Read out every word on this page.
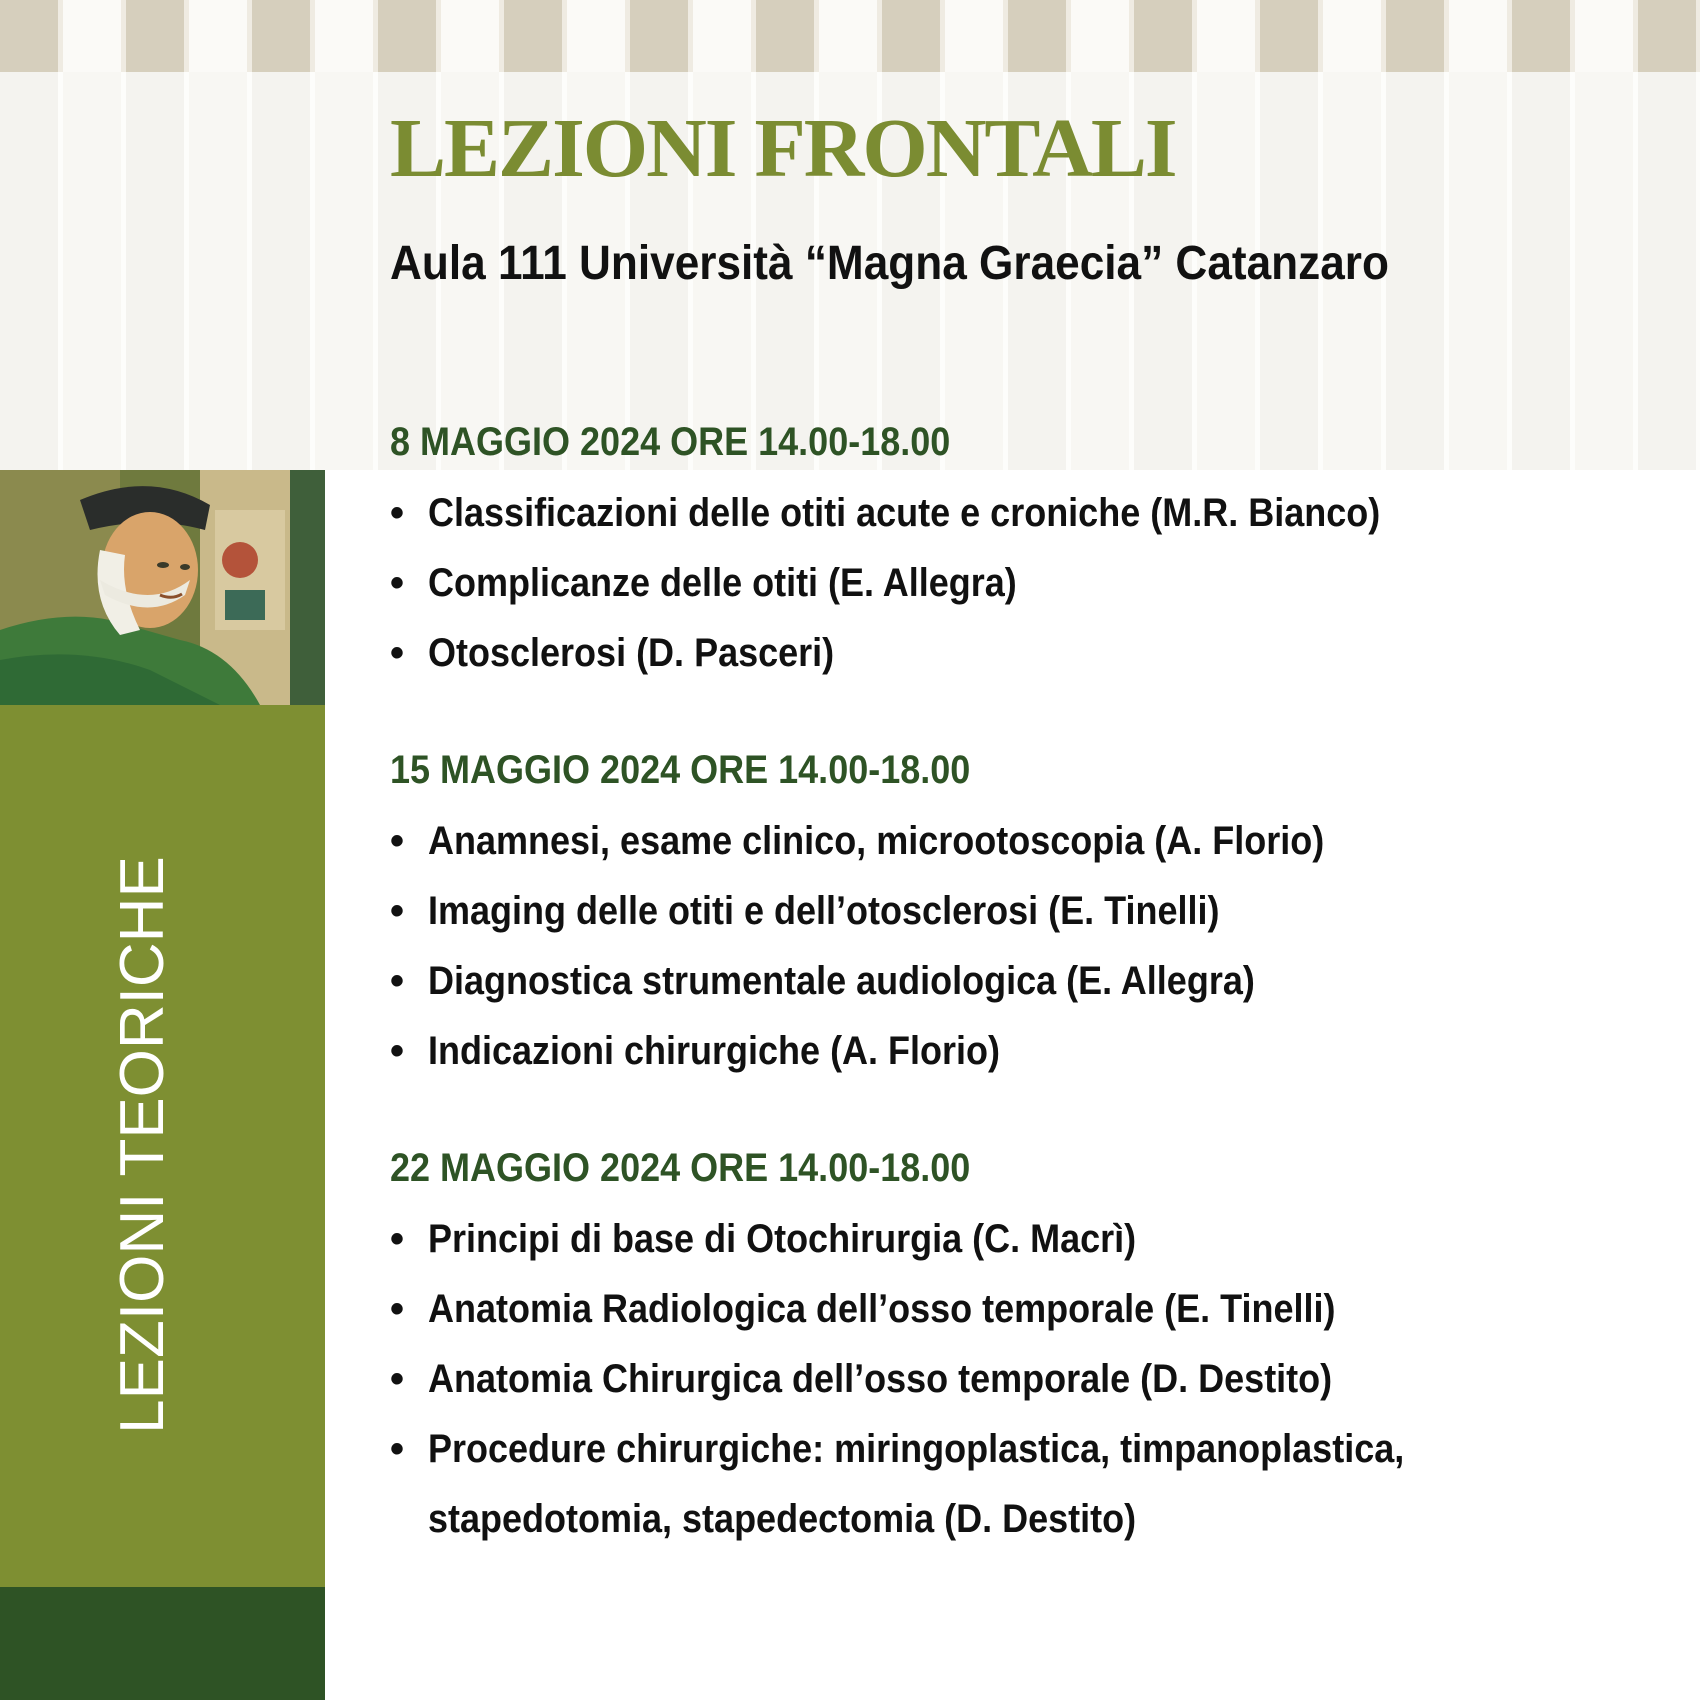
LEZIONI FRONTALI
Aula 111 Università “Magna Graecia” Catanzaro
LEZIONI TEORICHE
8 MAGGIO 2024 ORE 14.00-18.00
• Classificazioni delle otiti acute e croniche (M.R. Bianco)
• Complicanze delle otiti (E. Allegra)
• Otosclerosi (D. Pasceri)
15 MAGGIO 2024 ORE 14.00-18.00
• Anamnesi, esame clinico, microotoscopia (A. Florio)
• Imaging delle otiti e dell’otosclerosi (E. Tinelli)
• Diagnostica strumentale audiologica (E. Allegra)
• Indicazioni chirurgiche (A. Florio)
22 MAGGIO 2024 ORE 14.00-18.00
• Principi di base di Otochirurgia (C. Macrì)
• Anatomia Radiologica dell’osso temporale (E. Tinelli)
• Anatomia Chirurgica dell’osso temporale (D. Destito)
• Procedure chirurgiche: miringoplastica, timpanoplastica, stapedotomia, stapedectomia (D. Destito)
